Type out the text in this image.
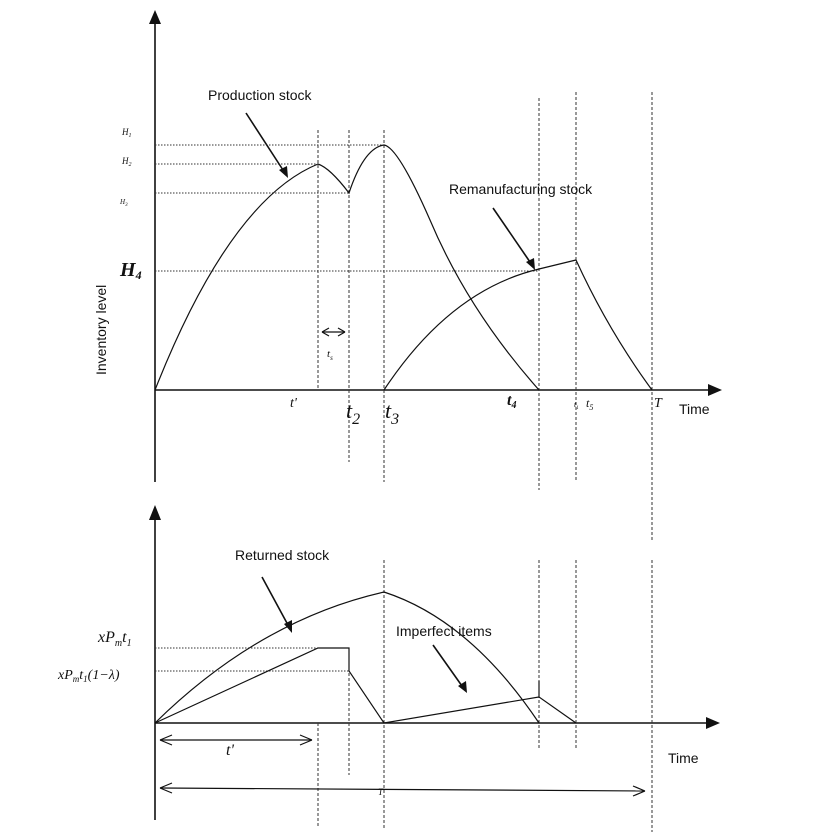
$H_1$
$H_2$
$H_3$
H4
Production stock
Remanufacturing stock
$t_s$
t' $t_2$ $t_3$
t4	$t_1$ $t_5$	T Time
Inventory level
$xP_mt_1$
$xP_mt_1(1-\lambda)$
Returned stock
Imperfect items
t'
T
Time
